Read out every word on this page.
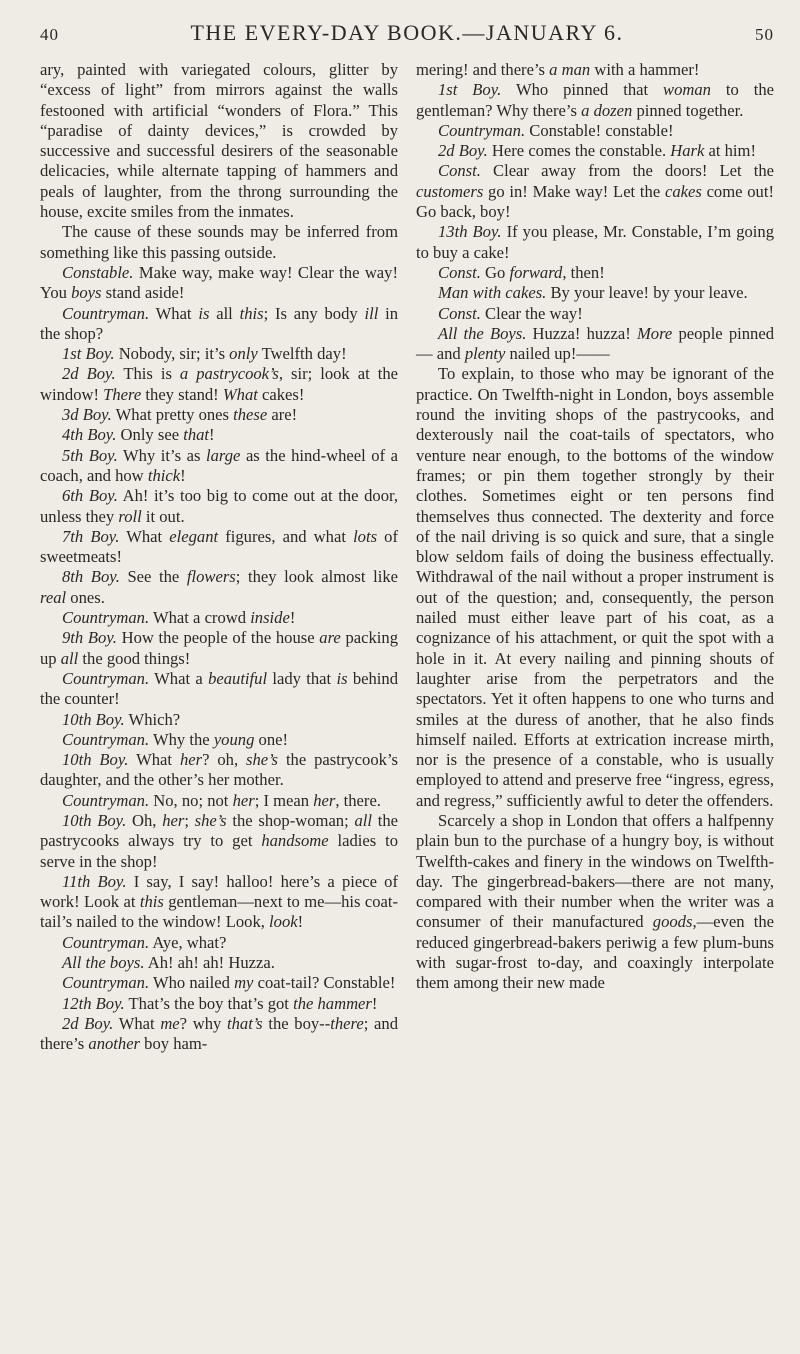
40	THE EVERY-DAY BOOK.—JANUARY 6.	50

ary, painted with variegated colours, glitter by “excess of light” from mirrors against the walls festooned with artificial “wonders of Flora.” This “paradise of dainty devices,” is crowded by successive and successful desirers of the seasonable delicacies, while alternate tapping of hammers and peals of laughter, from the throng surrounding the house, excite smiles from the inmates.

The cause of these sounds may be inferred from something like this passing outside.

Constable. Make way, make way! Clear the way! You boys stand aside!

Countryman. What is all this; Is any body ill in the shop?

1st Boy. Nobody, sir; it’s only Twelfth day!

2d Boy. This is a pastrycook’s, sir; look at the window! There they stand! What cakes!

3d Boy. What pretty ones these are!

4th Boy. Only see that!

5th Boy. Why it’s as large as the hind-wheel of a coach, and how thick!

6th Boy. Ah! it’s too big to come out at the door, unless they roll it out.

7th Boy. What elegant figures, and what lots of sweetmeats!

8th Boy. See the flowers; they look almost like real ones.

Countryman. What a crowd inside!

9th Boy. How the people of the house are packing up all the good things!

Countryman. What a beautiful lady that is behind the counter!

10th Boy. Which?

Countryman. Why the young one!

10th Boy. What her? oh, she’s the pastrycook’s daughter, and the other’s her mother.

Countryman. No, no; not her; I mean her, there.

10th Boy. Oh, her; she’s the shop-woman; all the pastrycooks always try to get handsome ladies to serve in the shop!

11th Boy. I say, I say! halloo! here’s a piece of work! Look at this gentleman—next to me—his coat-tail’s nailed to the window! Look, look!

Countryman. Aye, what?

All the boys. Ah! ah! ah! Huzza.

Countryman. Who nailed my coat-tail? Constable!

12th Boy. That’s the boy that’s got the hammer!

2d Boy. What me? why that’s the boy--there; and there’s another boy ham-

mering! and there’s a man with a hammer!

1st Boy. Who pinned that woman to the gentleman? Why there’s a dozen pinned together.

Countryman. Constable! constable!

2d Boy. Here comes the constable. Hark at him!

Const. Clear away from the doors! Let the customers go in! Make way! Let the cakes come out! Go back, boy!

13th Boy. If you please, Mr. Constable, I’m going to buy a cake!

Const. Go forward, then!

Man with cakes. By your leave! by your leave.

Const. Clear the way!

All the Boys. Huzza! huzza! More people pinned — and plenty nailed up!——

To explain, to those who may be ignorant of the practice. On Twelfth-night in London, boys assemble round the inviting shops of the pastrycooks, and dexterously nail the coat-tails of spectators, who venture near enough, to the bottoms of the window frames; or pin them together strongly by their clothes. Sometimes eight or ten persons find themselves thus connected. The dexterity and force of the nail driving is so quick and sure, that a single blow seldom fails of doing the business effectually. Withdrawal of the nail without a proper instrument is out of the question; and, consequently, the person nailed must either leave part of his coat, as a cognizance of his attachment, or quit the spot with a hole in it. At every nailing and pinning shouts of laughter arise from the perpetrators and the spectators. Yet it often happens to one who turns and smiles at the duress of another, that he also finds himself nailed. Efforts at extrication increase mirth, nor is the presence of a constable, who is usually employed to attend and preserve free “ingress, egress, and regress,” sufficiently awful to deter the offenders.

Scarcely a shop in London that offers a halfpenny plain bun to the purchase of a hungry boy, is without Twelfth-cakes and finery in the windows on Twelfth-day. The gingerbread-bakers—there are not many, compared with their number when the writer was a consumer of their manufactured goods,—even the reduced gingerbread-bakers periwig a few plum-buns with sugar-frost to-day, and coaxingly interpolate them among their new made
